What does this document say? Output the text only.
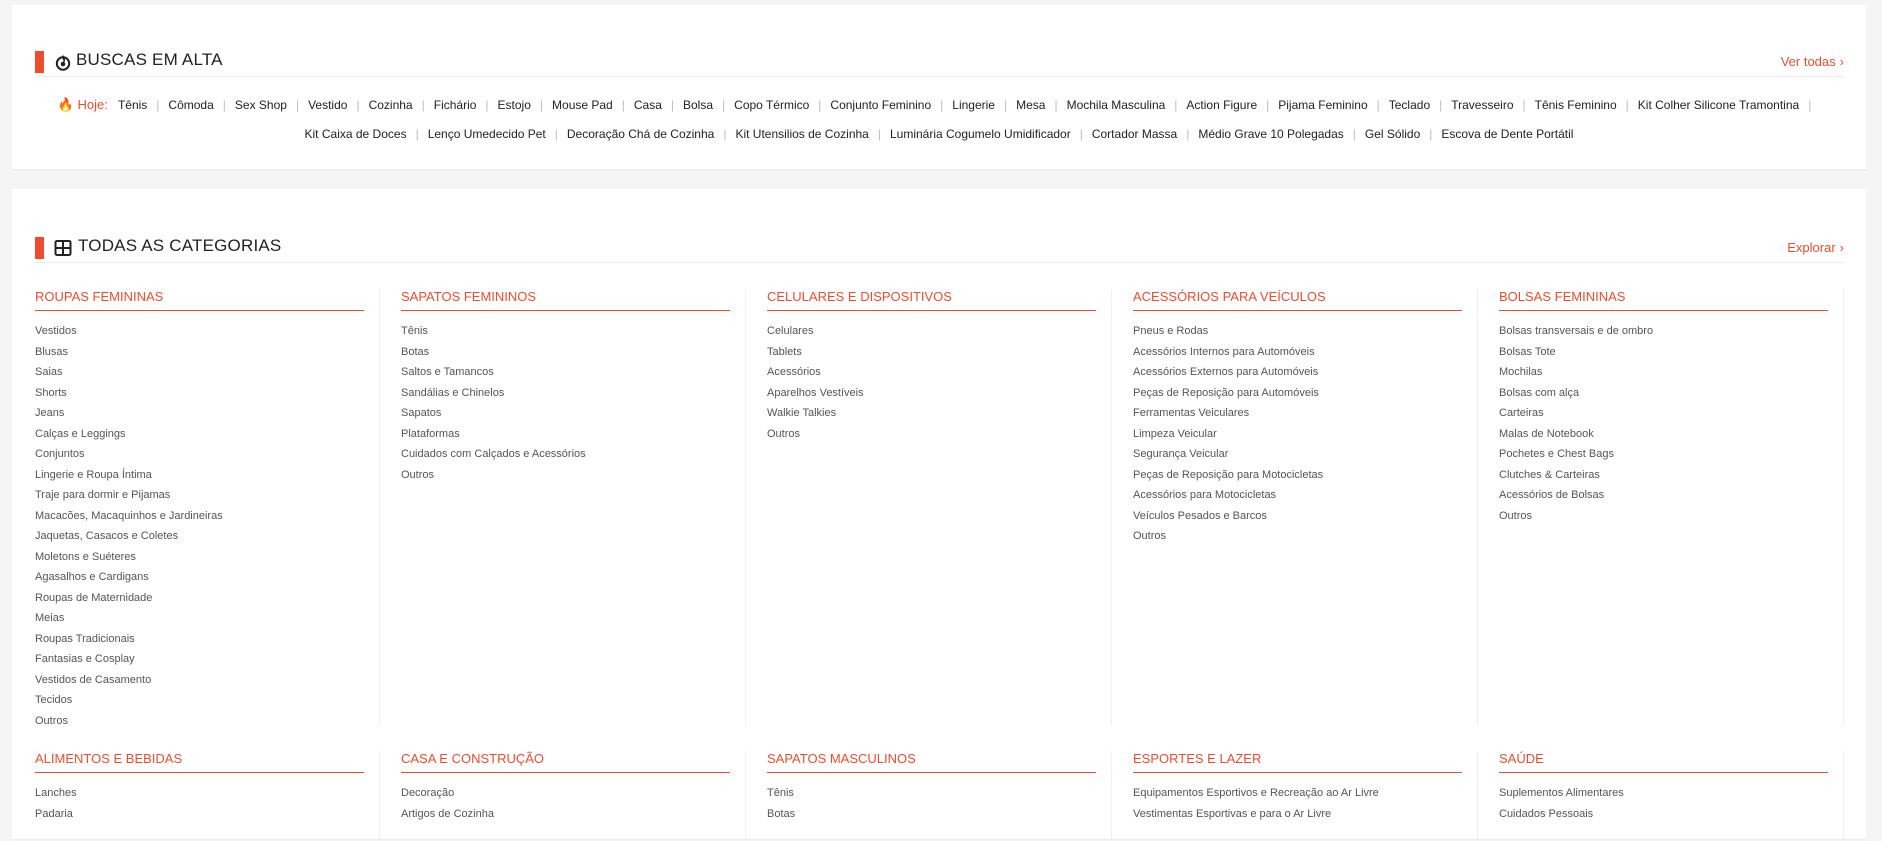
BUSCAS EM ALTA	Ver todas ›
🔥 Hoje: Tênis | Cômoda | Sex Shop | Vestido | Cozinha | Fichário | Estojo | Mouse Pad | Casa | Bolsa | Copo Térmico | Conjunto Feminino | Lingerie | Mesa | Mochila Masculina | Action Figure | Pijama Feminino | Teclado | Travesseiro | Tênis Feminino | Kit Colher Silicone Tramontina |
Kit Caixa de Doces | Lenço Umedecido Pet | Decoração Chá de Cozinha | Kit Utensilios de Cozinha | Luminária Cogumelo Umidificador | Cortador Massa | Médio Grave 10 Polegadas | Gel Sólido | Escova de Dente Portátil
TODAS AS CATEGORIAS	Explorar ›
ROUPAS FEMININAS
Vestidos
Blusas
Saias
Shorts
Jeans
Calças e Leggings
Conjuntos
Lingerie e Roupa Íntima
Traje para dormir e Pijamas
Macacões, Macaquinhos e Jardineiras
Jaquetas, Casacos e Coletes
Moletons e Suéteres
Agasalhos e Cardigans
Roupas de Maternidade
Meias
Roupas Tradicionais
Fantasias e Cosplay
Vestidos de Casamento
Tecidos
Outros
SAPATOS FEMININOS
Tênis
Botas
Saltos e Tamancos
Sandálias e Chinelos
Sapatos
Plataformas
Cuidados com Calçados e Acessórios
Outros
CELULARES E DISPOSITIVOS
Celulares
Tablets
Acessórios
Aparelhos Vestíveis
Walkie Talkies
Outros
ACESSÓRIOS PARA VEÍCULOS
Pneus e Rodas
Acessórios Internos para Automóveis
Acessórios Externos para Automóveis
Peças de Reposição para Automóveis
Ferramentas Veiculares
Limpeza Veicular
Segurança Veicular
Peças de Reposição para Motocicletas
Acessórios para Motocicletas
Veículos Pesados e Barcos
Outros
BOLSAS FEMININAS
Bolsas transversais e de ombro
Bolsas Tote
Mochilas
Bolsas com alça
Carteiras
Malas de Notebook
Pochetes e Chest Bags
Clutches & Carteiras
Acessórios de Bolsas
Outros
ALIMENTOS E BEBIDAS
Lanches
Padaria
CASA E CONSTRUÇÃO
Decoração
Artigos de Cozinha
SAPATOS MASCULINOS
Tênis
Botas
ESPORTES E LAZER
Equipamentos Esportivos e Recreação ao Ar Livre
Vestimentas Esportivas e para o Ar Livre
SAÚDE
Suplementos Alimentares
Cuidados Pessoais
